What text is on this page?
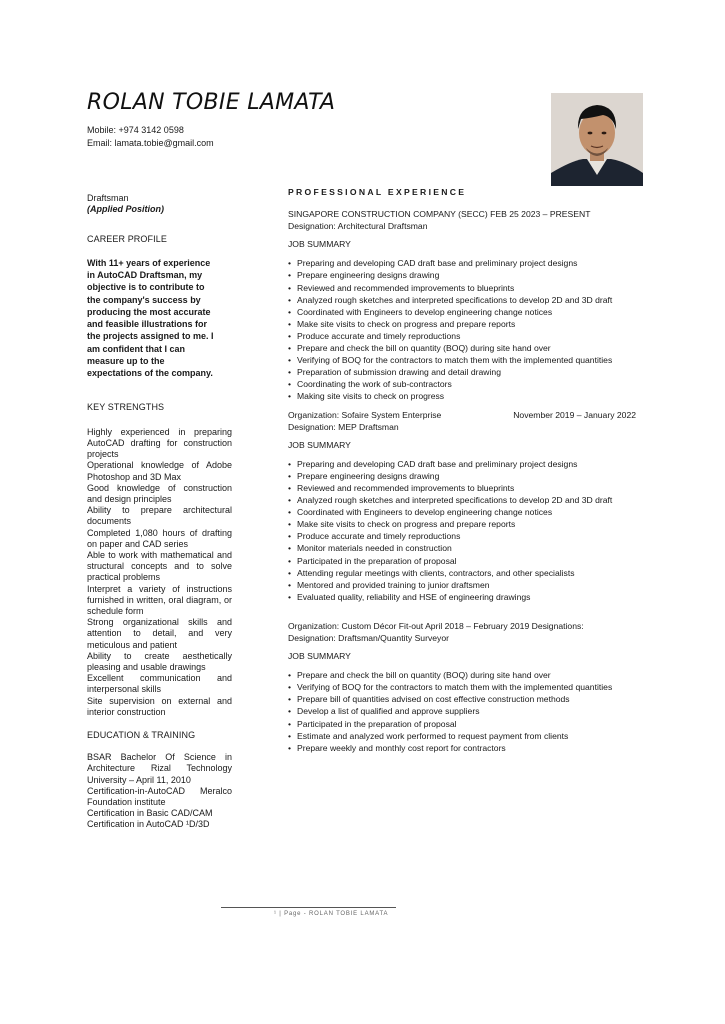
ROLAN TOBIE LAMATA
Mobile: +974 3142 0598
Email: lamata.tobie@gmail.com
Draftsman
(Applied Position)
CAREER PROFILE
With 11+ years of experience
in AutoCAD Draftsman, my
objective is to contribute to
the company's success by
producing the most accurate
and feasible illustrations for
the projects assigned to me. I
am confident that I can
measure up to the
expectations of the company.
KEY STRENGTHS
Highly experienced in preparing AutoCAD drafting for construction projects
Operational knowledge of Adobe Photoshop and 3D Max
Good knowledge of construction and design principles
Ability to prepare architectural documents
Completed 1,080 hours of drafting on paper and CAD series
Able to work with mathematical and structural concepts and to solve practical problems
Interpret a variety of instructions furnished in written, oral diagram, or schedule form
Strong organizational skills and attention to detail, and very meticulous and patient
Ability to create aesthetically pleasing and usable drawings
Excellent communication and interpersonal skills
Site supervision on external and interior construction
EDUCATION & TRAINING
BSAR Bachelor Of Science in Architecture Rizal Technology University – April 11, 2010
Certification-in-AutoCAD Meralco Foundation institute
Certification in Basic CAD/CAM
Certification in AutoCAD ¹D/3D
PROFESSIONAL EXPERIENCE
SINGAPORE CONSTRUCTION COMPANY (SECC) FEB 25 2023 – PRESENT
Designation: Architectural Draftsman
JOB SUMMARY
• Preparing and developing CAD draft base and preliminary project designs
• Prepare engineering designs drawing
• Reviewed and recommended improvements to blueprints
• Analyzed rough sketches and interpreted specifications to develop 2D and 3D draft
• Coordinated with Engineers to develop engineering change notices
• Make site visits to check on progress and prepare reports
• Produce accurate and timely reproductions
• Prepare and check the bill on quantity (BOQ) during site hand over
• Verifying of BOQ for the contractors to match them with the implemented quantities
• Preparation of submission drawing and detail drawing
• Coordinating the work of sub-contractors
• Making site visits to check on progress
Organization: Sofaire System Enterprise	November 2019 – January 2022
Designation: MEP Draftsman
JOB SUMMARY
• Preparing and developing CAD draft base and preliminary project designs
• Prepare engineering designs drawing
• Reviewed and recommended improvements to blueprints
• Analyzed rough sketches and interpreted specifications to develop 2D and 3D draft
• Coordinated with Engineers to develop engineering change notices
• Make site visits to check on progress and prepare reports
• Produce accurate and timely reproductions
• Monitor materials needed in construction
• Participated in the preparation of proposal
• Attending regular meetings with clients, contractors, and other specialists
• Mentored and provided training to junior draftsmen
• Evaluated quality, reliability and HSE of engineering drawings
Organization: Custom Décor Fit-out April 2018 – February 2019 Designations:
Designation: Draftsman/Quantity Surveyor
JOB SUMMARY
• Prepare and check the bill on quantity (BOQ) during site hand over
• Verifying of BOQ for the contractors to match them with the implemented quantities
• Prepare bill of quantities advised on cost effective construction methods
• Develop a list of qualified and approve suppliers
• Participated in the preparation of proposal
• Estimate and analyzed work performed to request payment from clients
• Prepare weekly and monthly cost report for contractors
¹ | Page - ROLAN TOBIE LAMATA
